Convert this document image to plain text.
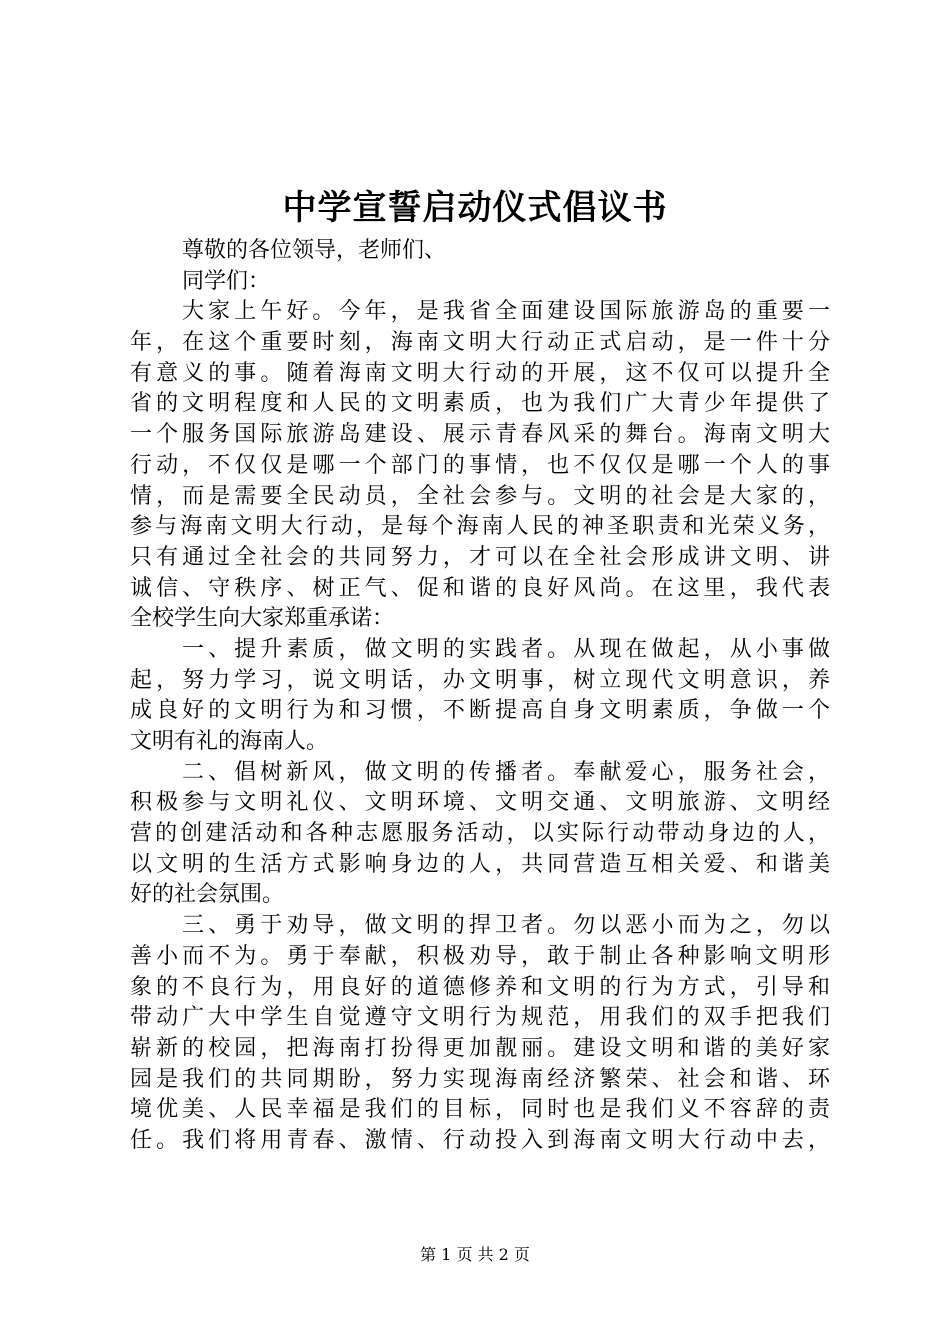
中学宣誓启动仪式倡议书
尊敬的各位领导，老师们、
同学们：
大家上午好。今年，是我省全面建设国际旅游岛的重要一
年，在这个重要时刻，海南文明大行动正式启动，是一件十分
有意义的事。随着海南文明大行动的开展，这不仅可以提升全
省的文明程度和人民的文明素质，也为我们广大青少年提供了
一个服务国际旅游岛建设、展示青春风采的舞台。海南文明大
行动，不仅仅是哪一个部门的事情，也不仅仅是哪一个人的事
情，而是需要全民动员，全社会参与。文明的社会是大家的，
参与海南文明大行动，是每个海南人民的神圣职责和光荣义务，
只有通过全社会的共同努力，才可以在全社会形成讲文明、讲
诚信、守秩序、树正气、促和谐的良好风尚。在这里，我代表
全校学生向大家郑重承诺：
一、提升素质，做文明的实践者。从现在做起，从小事做
起，努力学习，说文明话，办文明事，树立现代文明意识，养
成良好的文明行为和习惯，不断提高自身文明素质，争做一个
文明有礼的海南人。
二、倡树新风，做文明的传播者。奉献爱心，服务社会，
积极参与文明礼仪、文明环境、文明交通、文明旅游、文明经
营的创建活动和各种志愿服务活动，以实际行动带动身边的人，
以文明的生活方式影响身边的人，共同营造互相关爱、和谐美
好的社会氛围。
三、勇于劝导，做文明的捍卫者。勿以恶小而为之，勿以
善小而不为。勇于奉献，积极劝导，敢于制止各种影响文明形
象的不良行为，用良好的道德修养和文明的行为方式，引导和
带动广大中学生自觉遵守文明行为规范，用我们的双手把我们
崭新的校园，把海南打扮得更加靓丽。建设文明和谐的美好家
园是我们的共同期盼，努力实现海南经济繁荣、社会和谐、环
境优美、人民幸福是我们的目标，同时也是我们义不容辞的责
任。我们将用青春、激情、行动投入到海南文明大行动中去，
第 1 页 共 2 页
